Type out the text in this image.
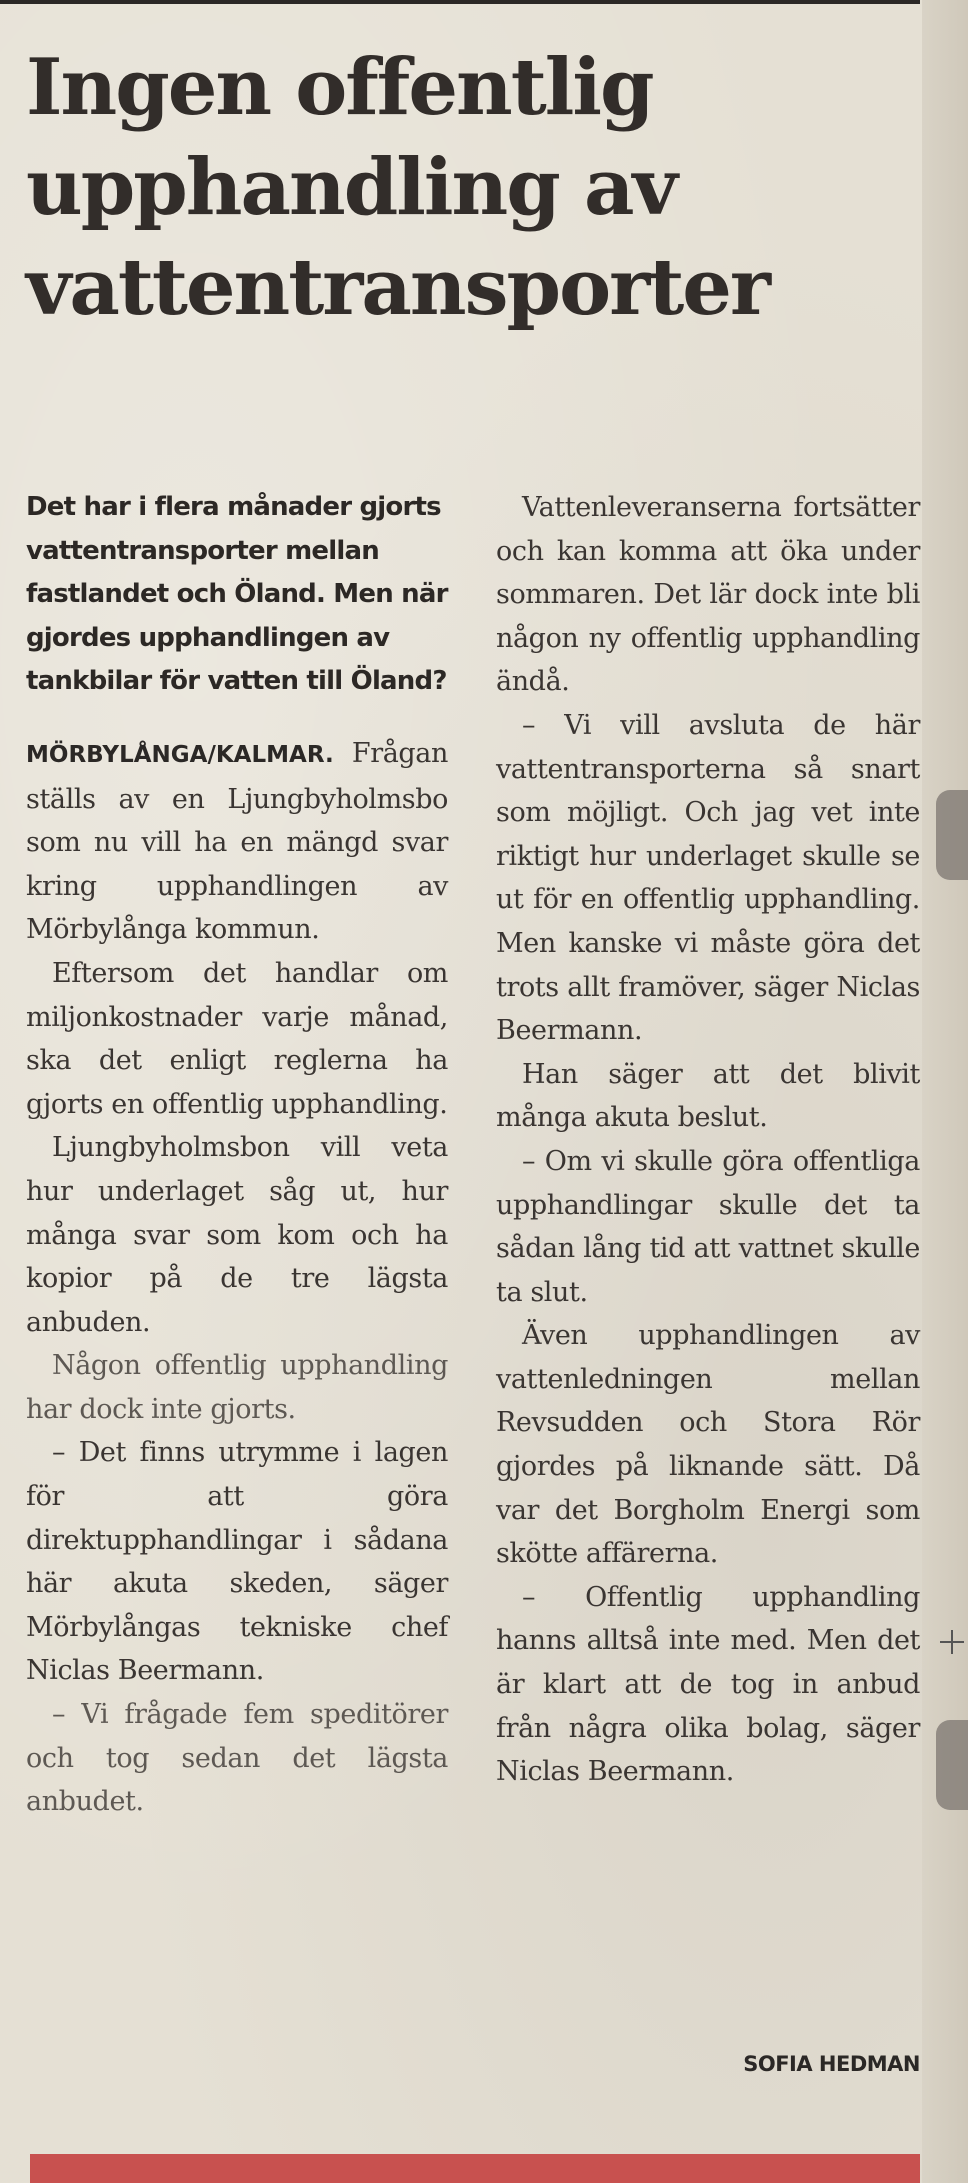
Ingen offentlig
upphandling av
vattentransporter

Det har i flera månader gjorts vattentransporter mellan fastlandet och Öland. Men när gjordes upphandlingen av tankbilar för vatten till Öland?

MÖRBYLÅNGA/KALMAR. Frågan ställs av en Ljungbyholmsbo som nu vill ha en mängd svar kring upphandlingen av Mörbylånga kommun.

Eftersom det handlar om miljonkostnader varje månad, ska det enligt reglerna ha gjorts en offentlig upphandling.

Ljungbyholmsbon vill veta hur underlaget såg ut, hur många svar som kom och ha kopior på de tre lägsta anbuden.

Någon offentlig upphandling har dock inte gjorts.

– Det finns utrymme i lagen för att göra direktupphandlingar i sådana här akuta skeden, säger Mörbylångas tekniske chef Niclas Beermann.

– Vi frågade fem speditörer och tog sedan det lägsta anbudet.

Vattenleveranserna fortsätter och kan komma att öka under sommaren. Det lär dock inte bli någon ny offentlig upphandling ändå.

– Vi vill avsluta de här vattentransporterna så snart som möjligt. Och jag vet inte riktigt hur underlaget skulle se ut för en offentlig upphandling. Men kanske vi måste göra det trots allt framöver, säger Niclas Beermann.

Han säger att det blivit många akuta beslut.

– Om vi skulle göra offentliga upphandlingar skulle det ta sådan lång tid att vattnet skulle ta slut.

Även upphandlingen av vattenledningen mellan Revsudden och Stora Rör gjordes på liknande sätt. Då var det Borgholm Energi som skötte affärerna.

– Offentlig upphandling hanns alltså inte med. Men det är klart att de tog in anbud från några olika bolag, säger Niclas Beermann.

SOFIA HEDMAN
